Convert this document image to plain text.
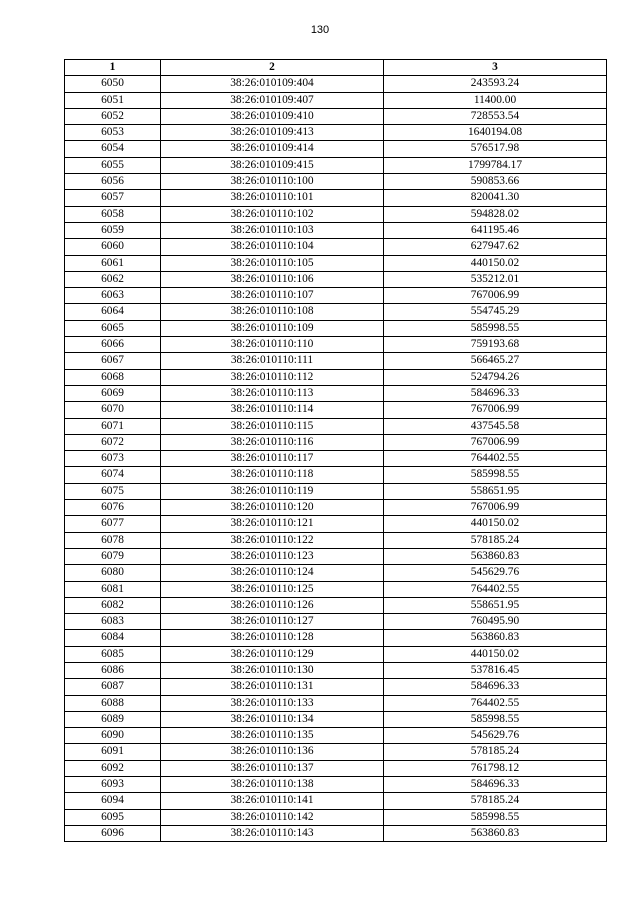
130
1	2	3
6050	38:26:010109:404	243593.24
6051	38:26:010109:407	11400.00
6052	38:26:010109:410	728553.54
6053	38:26:010109:413	1640194.08
6054	38:26:010109:414	576517.98
6055	38:26:010109:415	1799784.17
6056	38:26:010110:100	590853.66
6057	38:26:010110:101	820041.30
6058	38:26:010110:102	594828.02
6059	38:26:010110:103	641195.46
6060	38:26:010110:104	627947.62
6061	38:26:010110:105	440150.02
6062	38:26:010110:106	535212.01
6063	38:26:010110:107	767006.99
6064	38:26:010110:108	554745.29
6065	38:26:010110:109	585998.55
6066	38:26:010110:110	759193.68
6067	38:26:010110:111	566465.27
6068	38:26:010110:112	524794.26
6069	38:26:010110:113	584696.33
6070	38:26:010110:114	767006.99
6071	38:26:010110:115	437545.58
6072	38:26:010110:116	767006.99
6073	38:26:010110:117	764402.55
6074	38:26:010110:118	585998.55
6075	38:26:010110:119	558651.95
6076	38:26:010110:120	767006.99
6077	38:26:010110:121	440150.02
6078	38:26:010110:122	578185.24
6079	38:26:010110:123	563860.83
6080	38:26:010110:124	545629.76
6081	38:26:010110:125	764402.55
6082	38:26:010110:126	558651.95
6083	38:26:010110:127	760495.90
6084	38:26:010110:128	563860.83
6085	38:26:010110:129	440150.02
6086	38:26:010110:130	537816.45
6087	38:26:010110:131	584696.33
6088	38:26:010110:133	764402.55
6089	38:26:010110:134	585998.55
6090	38:26:010110:135	545629.76
6091	38:26:010110:136	578185.24
6092	38:26:010110:137	761798.12
6093	38:26:010110:138	584696.33
6094	38:26:010110:141	578185.24
6095	38:26:010110:142	585998.55
6096	38:26:010110:143	563860.83
